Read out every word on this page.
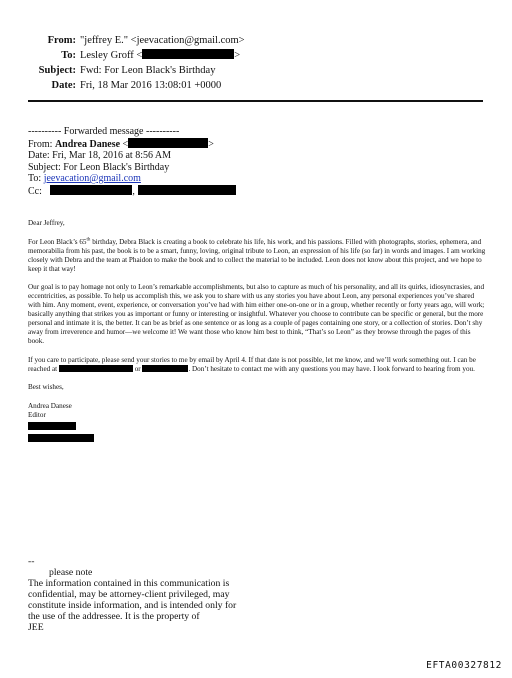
From: "jeffrey E." <jeevacation@gmail.com>
To: Lesley Groff <	>
Subject: Fwd: For Leon Black's Birthday
Date: Fri, 18 Mar 2016 13:08:01 +0000
---------- Forwarded message ----------
From: Andrea Danese <	>
Date: Fri, Mar 18, 2016 at 8:56 AM
Subject: For Leon Black's Birthday
To: jeevacation@gmail.com
Cc:	,

Dear Jeffrey,

For Leon Black’s 65th birthday, Debra Black is creating a book to celebrate his life, his work, and his passions. Filled with photographs, stories, ephemera, and memorabilia from his past, the book is to be a smart, funny, loving, original tribute to Leon, an expression of his life (so far) in words and images. I am working closely with Debra and the team at Phaidon to make the book and to collect the material to be included. Leon does not know about this project, and we hope to keep it that way!

Our goal is to pay homage not only to Leon’s remarkable accomplishments, but also to capture as much of his personality, and all its quirks, idiosyncrasies, and eccentricities, as possible. To help us accomplish this, we ask you to share with us any stories you have about Leon, any personal experiences you’ve shared with him. Any moment, event, experience, or conversation you’ve had with him either one-on-one or in a group, whether recently or forty years ago, will work; basically anything that strikes you as important or funny or interesting or insightful. Whatever you choose to contribute can be specific or general, but the more personal and intimate it is, the better. It can be as brief as one sentence or as long as a couple of pages containing one story, or a collection of stories. Don’t shy away from irreverence and humor—we welcome it! We want those who know him best to think, “That’s so Leon” as they browse through the pages of this book.

If you care to participate, please send your stories to me by email by April 4. If that date is not possible, let me know, and we’ll work something out. I can be reached at	or	. Don’t hesitate to contact me with any questions you may have. I look forward to hearing from you.

Best wishes,

Andrea Danese
Editor
--
please note
The information contained in this communication is
confidential, may be attorney-client privileged, may
constitute inside information, and is intended only for
the use of the addressee. It is the property of
JEE
EFTA00327812
